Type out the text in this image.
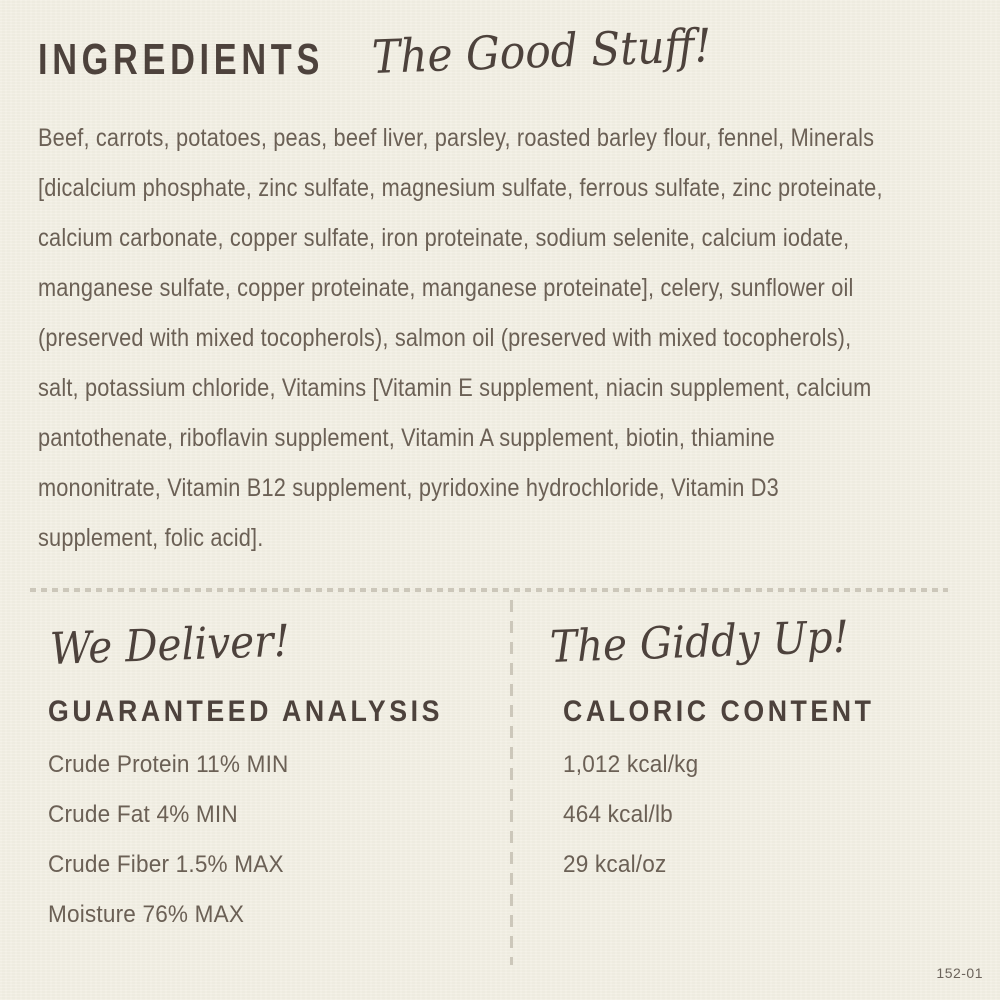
INGREDIENTS The Good Stuff!
Beef, carrots, potatoes, peas, beef liver, parsley, roasted barley flour, fennel, Minerals
[dicalcium phosphate, zinc sulfate, magnesium sulfate, ferrous sulfate, zinc proteinate,
calcium carbonate, copper sulfate, iron proteinate, sodium selenite, calcium iodate,
manganese sulfate, copper proteinate, manganese proteinate], celery, sunflower oil
(preserved with mixed tocopherols), salmon oil (preserved with mixed tocopherols),
salt, potassium chloride, Vitamins [Vitamin E supplement, niacin supplement, calcium
pantothenate, riboflavin supplement, Vitamin A supplement, biotin, thiamine
mononitrate, Vitamin B12 supplement, pyridoxine hydrochloride, Vitamin D3
supplement, folic acid].
We Deliver!
GUARANTEED ANALYSIS
Crude Protein 11% MIN
Crude Fat 4% MIN
Crude Fiber 1.5% MAX
Moisture 76% MAX
The Giddy Up!
CALORIC CONTENT
1,012 kcal/kg
464 kcal/lb
29 kcal/oz
152-01
